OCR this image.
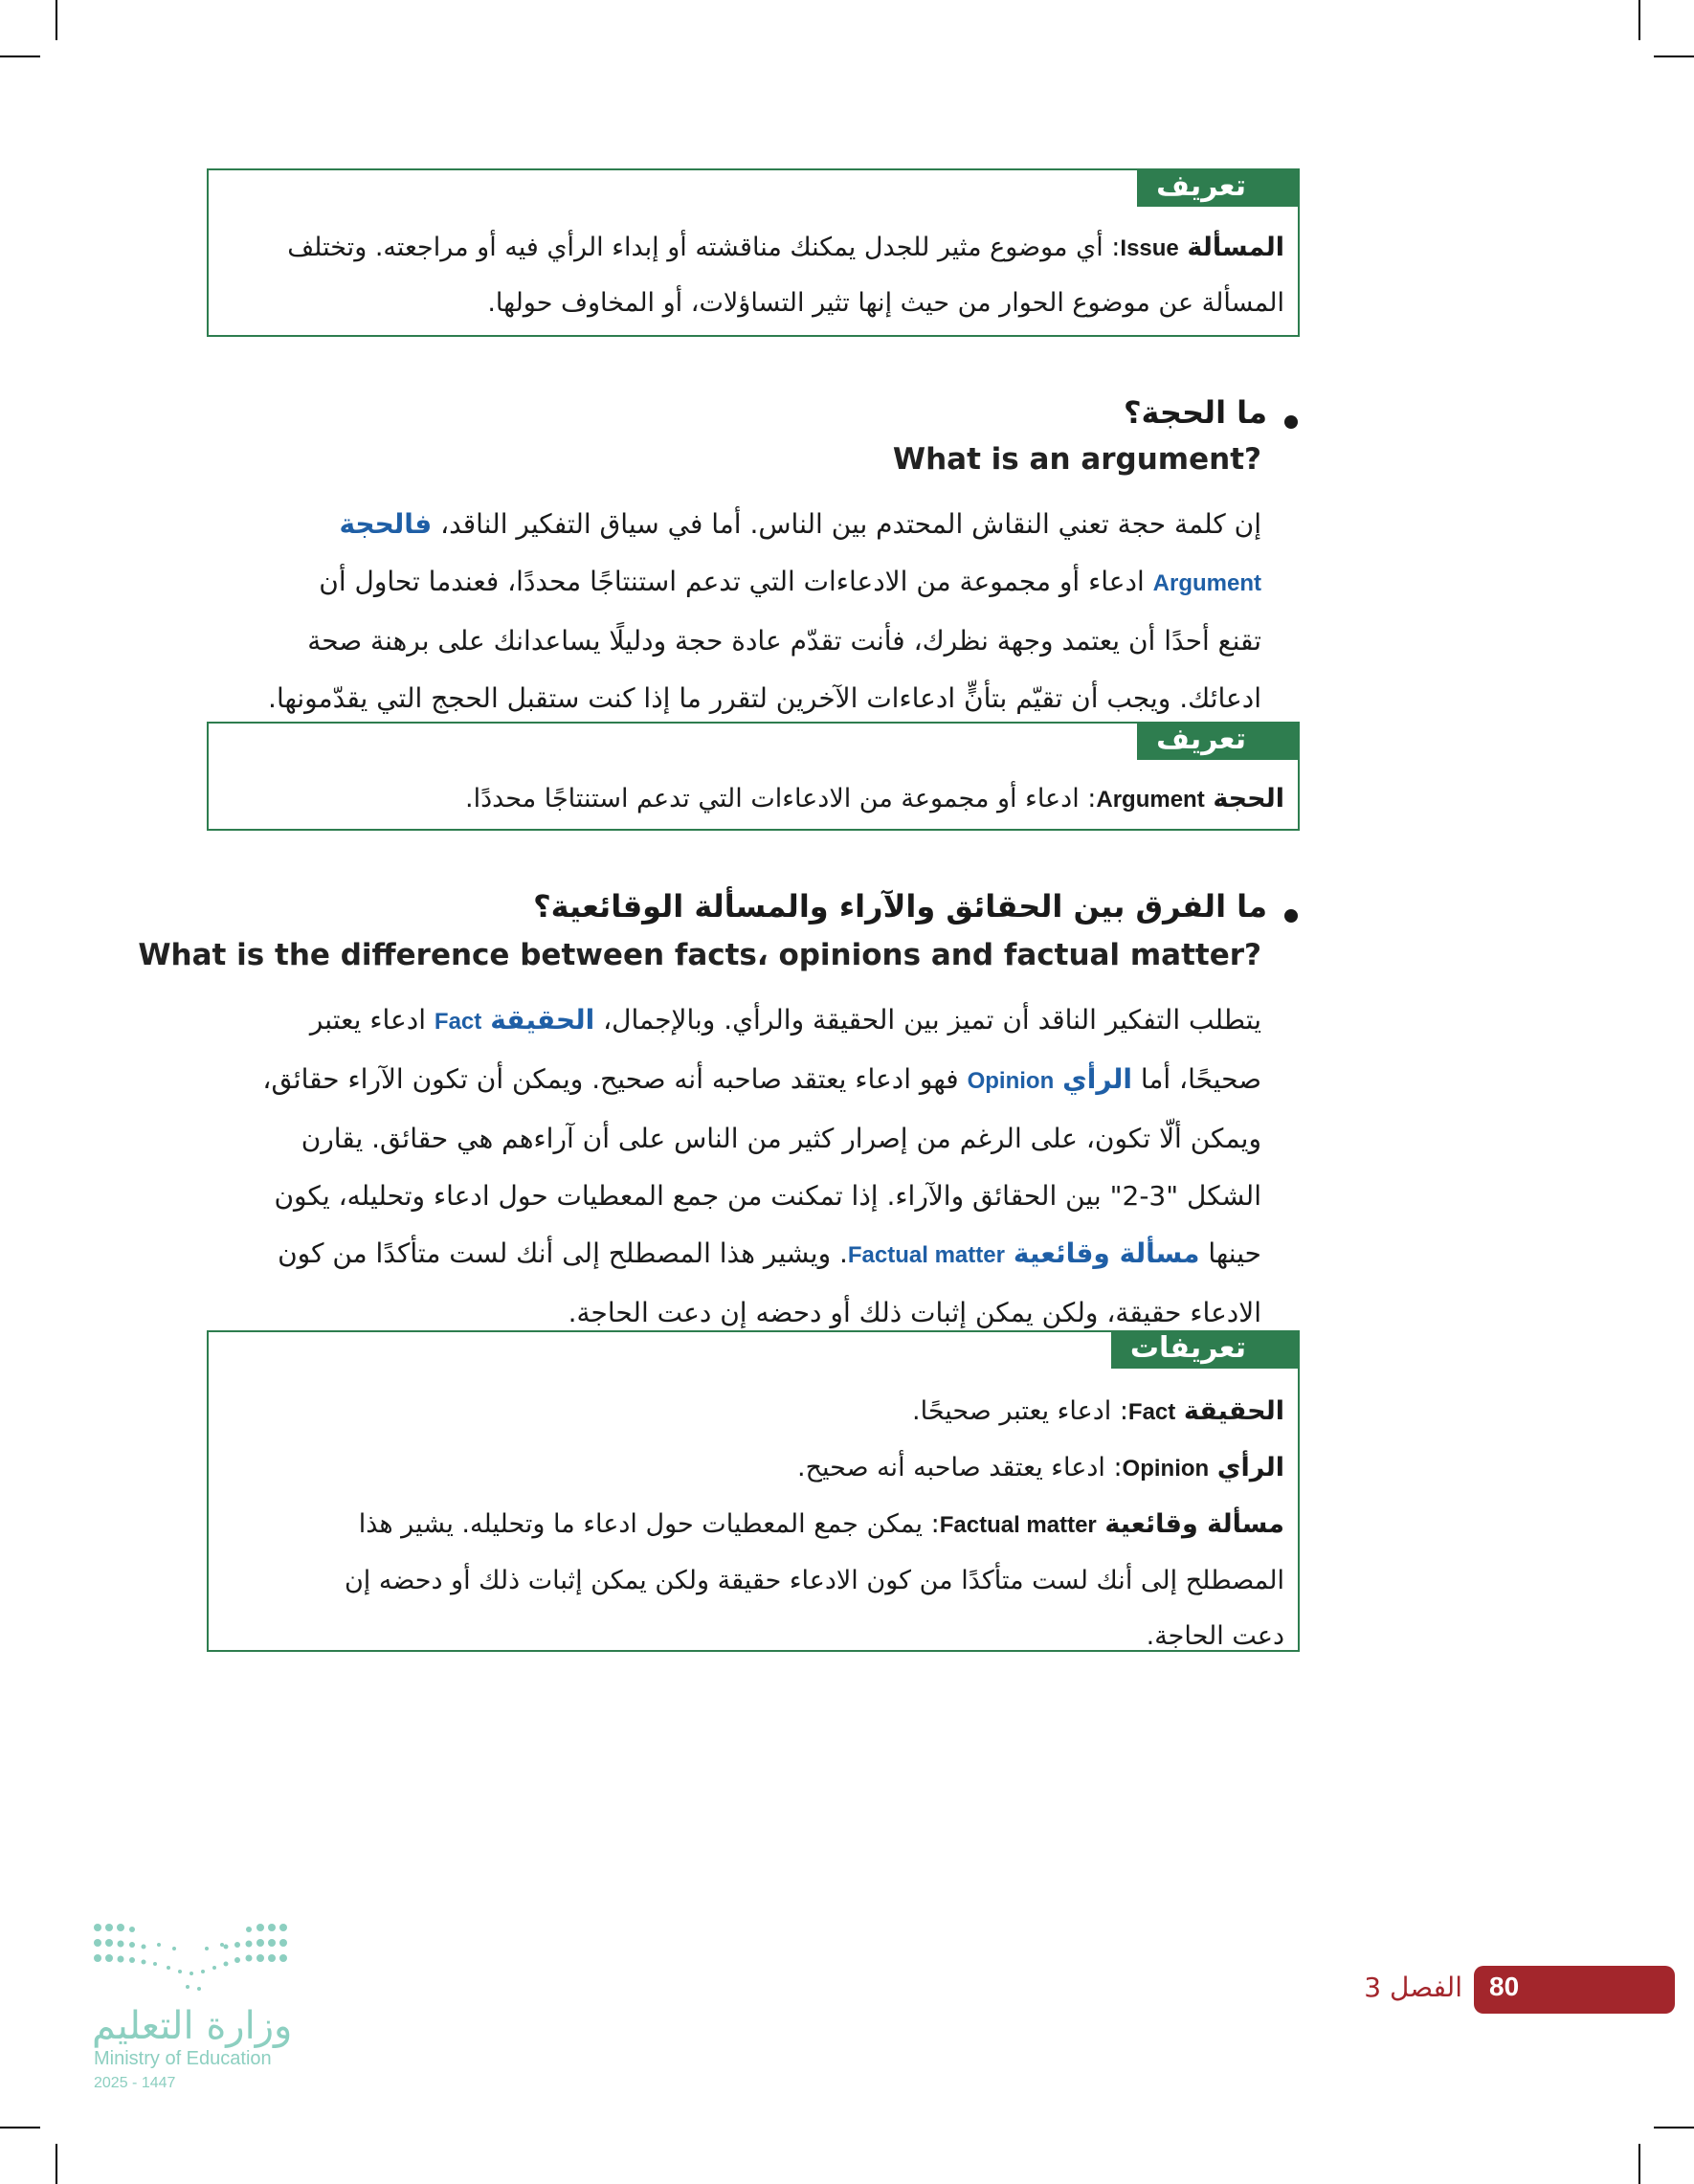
تعريف
المسألة Issue: أي موضوع مثير للجدل يمكنك مناقشته أو إبداء الرأي فيه أو مراجعته. وتختلف
المسألة عن موضوع الحوار من حيث إنها تثير التساؤلات، أو المخاوف حولها.
ما الحجة؟
What is an argument?
إن كلمة حجة تعني النقاش المحتدم بين الناس. أما في سياق التفكير الناقد، فالحجة
Argument ادعاء أو مجموعة من الادعاءات التي تدعم استنتاجًا محددًا، فعندما تحاول أن
تقنع أحدًا أن يعتمد وجهة نظرك، فأنت تقدّم عادة حجة ودليلًا يساعدانك على برهنة صحة
ادعائك. ويجب أن تقيّم بتأنٍّ ادعاءات الآخرين لتقرر ما إذا كنت ستقبل الحجج التي يقدّمونها.
تعريف
الحجة Argument: ادعاء أو مجموعة من الادعاءات التي تدعم استنتاجًا محددًا.
ما الفرق بين الحقائق والآراء والمسألة الوقائعية؟
What is the difference between facts، opinions and factual matter?
يتطلب التفكير الناقد أن تميز بين الحقيقة والرأي. وبالإجمال، الحقيقة Fact ادعاء يعتبر
صحيحًا، أما الرأي Opinion فهو ادعاء يعتقد صاحبه أنه صحيح. ويمكن أن تكون الآراء حقائق،
ويمكن ألّا تكون، على الرغم من إصرار كثير من الناس على أن آراءهم هي حقائق. يقارن
الشكل "3-2" بين الحقائق والآراء. إذا تمكنت من جمع المعطيات حول ادعاء وتحليله، يكون
حينها مسألة وقائعية Factual matter. ويشير هذا المصطلح إلى أنك لست متأكدًا من كون
الادعاء حقيقة، ولكن يمكن إثبات ذلك أو دحضه إن دعت الحاجة.
تعريفات
الحقيقة Fact: ادعاء يعتبر صحيحًا.
الرأي Opinion: ادعاء يعتقد صاحبه أنه صحيح.
مسألة وقائعية Factual matter: يمكن جمع المعطيات حول ادعاء ما وتحليله. يشير هذا
المصطلح إلى أنك لست متأكدًا من كون الادعاء حقيقة ولكن يمكن إثبات ذلك أو دحضه إن
دعت الحاجة.
وزارة التعليم
Ministry of Education
2025 - 1447
80
الفصل 3
